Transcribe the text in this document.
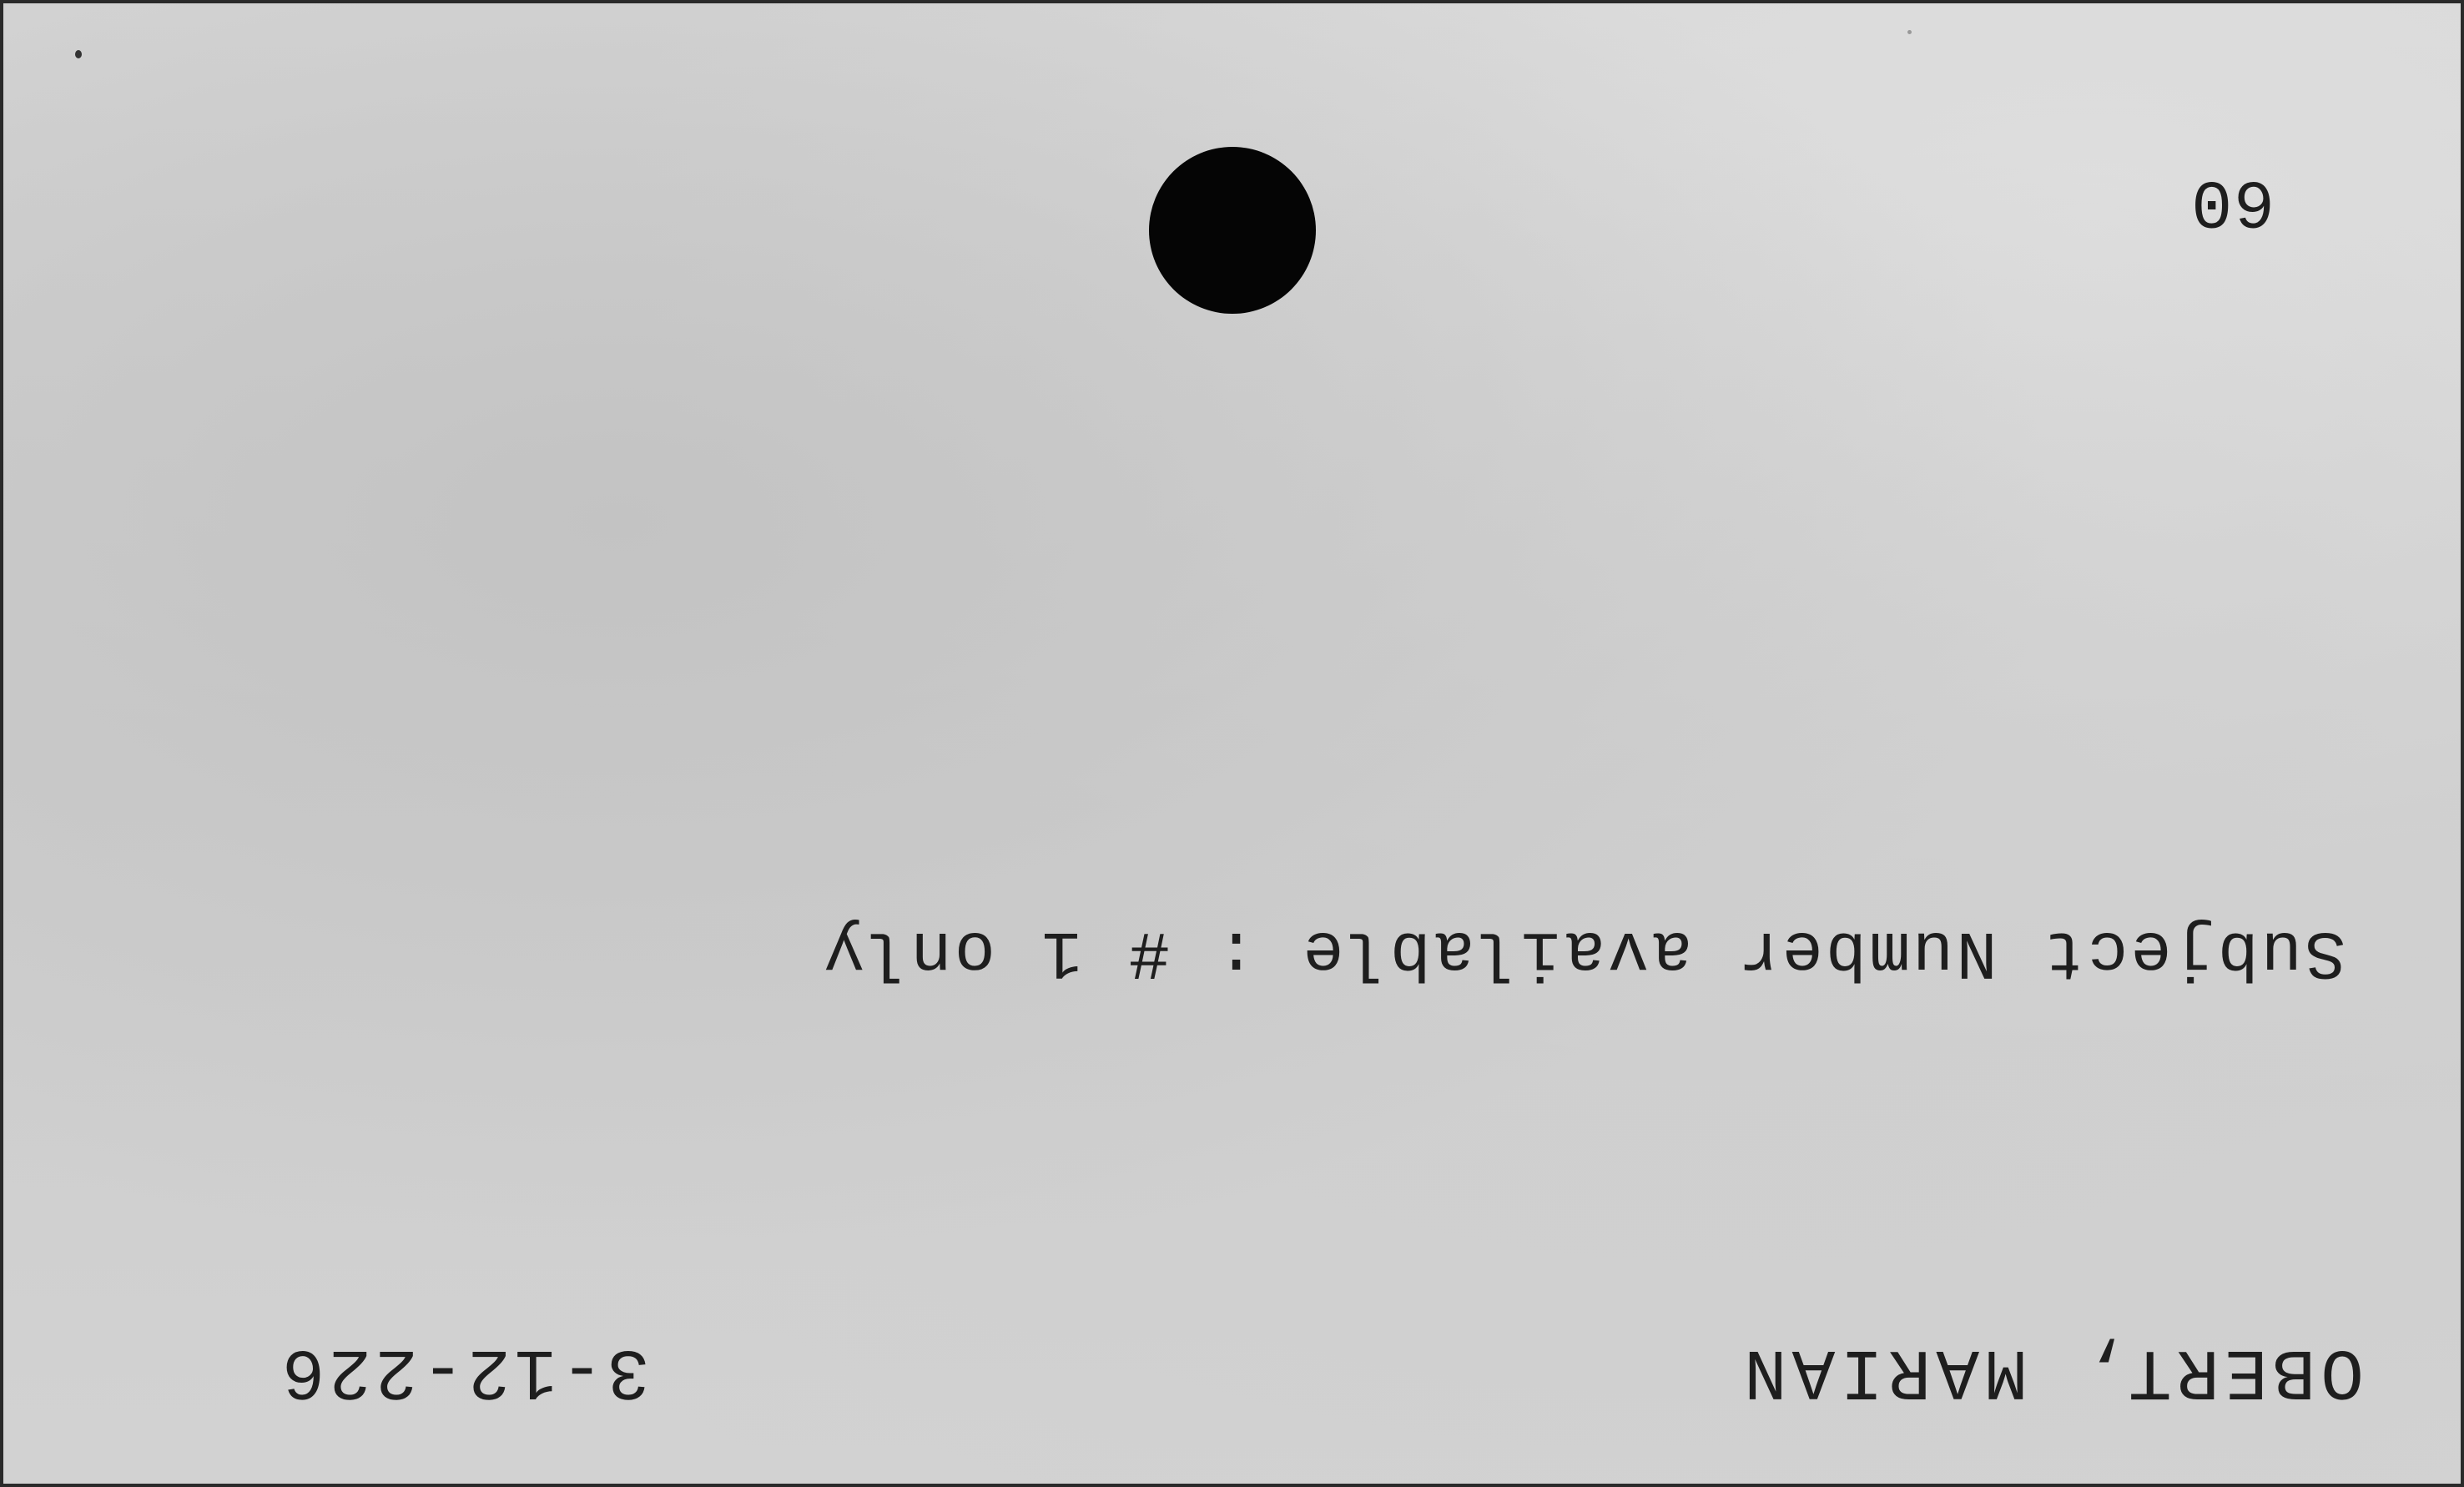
60
Subject Number available : # 1 only
OBERT, MARIAN
3-12-226
